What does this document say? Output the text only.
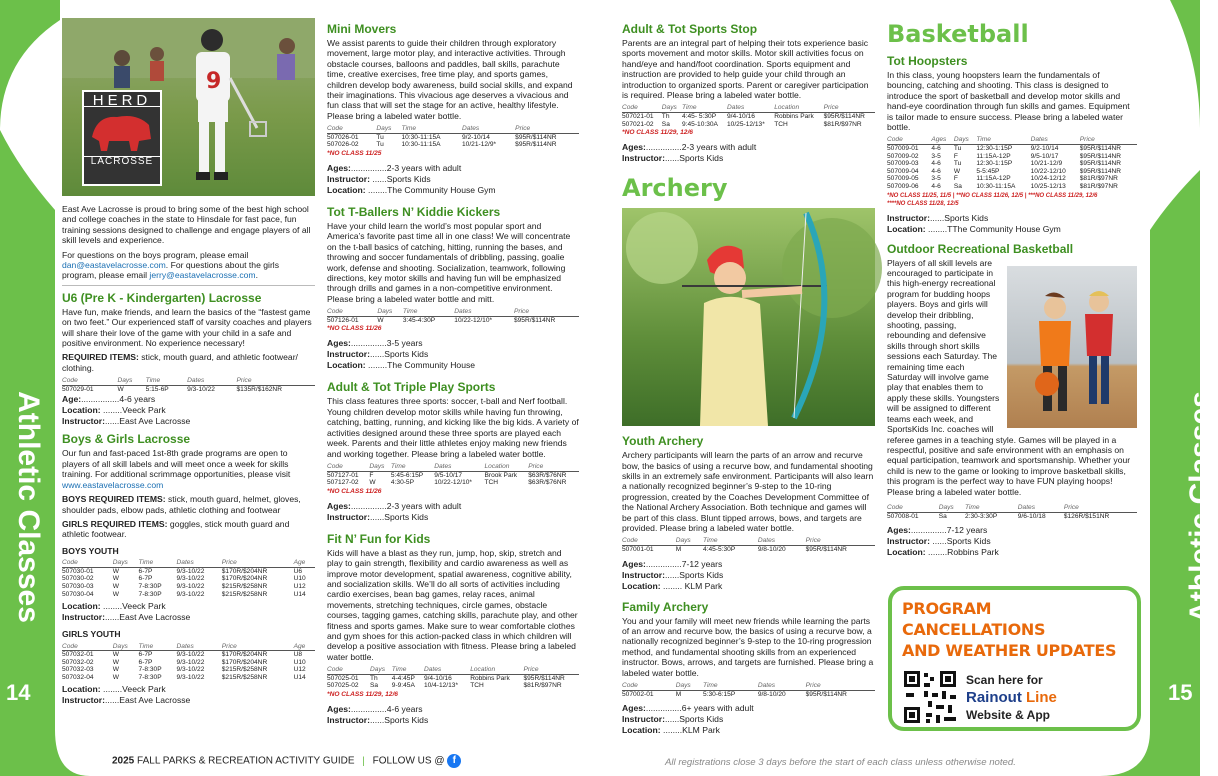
Athletic Classes	Athletic Classes
14	15
9
HERD
LACROSSE

East Ave Lacrosse is proud to bring some of the best high school and college coaches in the state to Hinsdale for fast pace, fun training sessions designed to challenge and engage players of all skill levels and experience.

For questions on the boys program, please email dan@eastavelacrosse.com. For questions about the girls program, please email jerry@eastavelacrosse.com.

U6 (Pre K - Kindergarten) Lacrosse

Have fun, make friends, and learn the basics of the “fastest game on two feet.” Our experienced staff of varsity coaches and players will share their love of the game with your child in a safe and positive environment. No experience necessary!

REQUIRED ITEMS: stick, mouth guard, and athletic footwear/ clothing.

Code	Days	Time	Dates	Price
507029-01	W	5:15-6P	9/3-10/22	$135R/$162NR
Age:................4-6 years
Location: ........Veeck Park
Instructor:......East Ave Lacrosse
Boys & Girls Lacrosse

Our fun and fast-paced 1st-8th grade programs are open to players of all skill labels and will meet once a week for skills training. For additional scrimmage opportunities, please visit www.eastavelacrosse.com

BOYS REQUIRED ITEMS: stick, mouth guard, helmet, gloves, shoulder pads, elbow pads, athletic clothing and footwear

GIRLS REQUIRED ITEMS: goggles, stick mouth guard and athletic footwear.

BOYS YOUTH
Code	Days	Time	Dates	Price	Age
507030-01	W	6-7P	9/3-10/22	$170R/$204NR	U6
507030-02	W	6-7P	9/3-10/22	$170R/$204NR	U10
507030-03	W	7-8:30P	9/3-10/22	$215R/$258NR	U12
507030-04	W	7-8:30P	9/3-10/22	$215R/$258NR	U14
Location: ........Veeck Park
Instructor:......East Ave Lacrosse
GIRLS YOUTH
Code	Days	Time	Dates	Price	Age
507032-01	W	6-7P	9/3-10/22	$170R/$204NR	U8
507032-02	W	6-7P	9/3-10/22	$170R/$204NR	U10
507032-03	W	7-8:30P	9/3-10/22	$215R/$258NR	U12
507032-04	W	7-8:30P	9/3-10/22	$215R/$258NR	U14
Location: ........Veeck Park
Instructor:......East Ave Lacrosse
Mini Movers

We assist parents to guide their children through exploratory movement, large motor play, and interactive activities. Through obstacle courses, balloons and paddles, ball skills, parachute time, creative exercises, free time play, and sports games, children develop body awareness, build social skills, and expand their imaginations. This vivacious age deserves a vivacious and fun class that will set the stage for an active, healthy lifestyle. Please bring a labeled water bottle.

Code	Days	Time	Dates	Price
507026-01	Tu	10:30-11:15A	9/2-10/14	$95R/$114NR
507026-02	Tu	10:30-11:15A	10/21-12/9*	$95R/$114NR
*NO CLASS 11/25
Ages:...............2-3 years with adult
Instructor: ......Sports Kids
Location: ........The Community House Gym
Tot T-Ballers N’ Kiddie Kickers

Have your child learn the world’s most popular sport and America’s favorite past time all in one class! We will concentrate on the t-ball basics of catching, hitting, running the bases, and throwing and soccer fundamentals of dribbling, passing, goalie work, defense and shooting. Socialization, teamwork, following directions, key motor skills and having fun will be emphasized through drills and games in a non-competitive environment. Please bring a labeled water bottle and mitt.

Code	Days	Time	Dates	Price
507126-01	W	3:45-4:30P	10/22-12/10*	$95R/$114NR
*NO CLASS 11/26
Ages:...............3-5 years
Instructor:......Sports Kids
Location: ........The Community House
Adult & Tot Triple Play Sports

This class features three sports: soccer, t-ball and Nerf football. Young children develop motor skills while having fun throwing, catching, batting, running, and kicking like the big kids. A variety of activities designed around these three sports are played each week. Parents and their little athletes enjoy making new friends and working together. Please bring a labeled water bottle.

Code	Days	Time	Dates	Location	Price
507127-01	F	5:45-6:15P	9/5-10/17	Brook Park	$63R/$76NR
507127-02	W	4:30-5P	10/22-12/10*	TCH	$63R/$76NR
*NO CLASS 11/26
Ages:...............2-3 years with adult
Instructor:......Sports Kids
Fit N’ Fun for Kids

Kids will have a blast as they run, jump, hop, skip, stretch and play to gain strength, flexibility and cardio awareness as well as improve motor development, spatial awareness, cognitive ability, and socialization skills. We’ll do all sorts of activities including cardio exercises, bean bag games, relay races, animal movements, stretching techniques, circle games, obstacle courses, tagging games, catching skills, parachute play, and other fitness and sports games. Make sure to wear comfortable clothes and gym shoes for this action-packed class in which children will develop a positive association with fitness. Please bring a labeled water bottle.

Code	Days	Time	Dates	Location	Price
507025-01	Th	4-4:45P	9/4-10/16	Robbins Park	$95R/$114NR
507025-02	Sa	9-9:45A	10/4-12/13*	TCH	$81R/$97NR
*NO CLASS 11/29, 12/6
Ages:...............4-6 years
Instructor:......Sports Kids
Adult & Tot Sports Stop

Parents are an integral part of helping their tots experience basic sports movement and motor skills. Motor skill activities focus on hand/eye and hand/foot coordination. Sports equipment and instruction are provided to help guide your child through an introduction to organized sports. Parent or caregiver participation is required. Please bring a labeled water bottle.

Code	Days	Time	Dates	Location	Price
507021-01	Th	4:45- 5:30P	9/4-10/16	Robbins Park	$95R/$114NR
507021-02	Sa	9:45-10:30A	10/25-12/13*	TCH	$81R/$97NR
*NO CLASS 11/29, 12/6
Ages:...............2-3 years with adult
Instructor:......Sports Kids
Archery
Youth Archery

Archery participants will learn the parts of an arrow and recurve bow, the basics of using a recurve bow, and fundamental shooting skills in an extremely safe environment. Participants will also learn a nationally recognized beginner’s 9-step to the 10-ring progression, created by the Coaches Development Committee of the National Archery Association. Both technique and games will be part of this class. Blunt tipped arrows, bows, and targets are provided. Please bring a labeled water bottle.

Code	Days	Time	Dates	Price
507001-01	M	4:45-5:30P	9/8-10/20	$95R/$114NR
Ages:...............7-12 years
Instructor:......Sports Kids
Location: ........ KLM Park
Family Archery

You and your family will meet new friends while learning the parts of an arrow and recurve bow, the basics of using a recurve bow, a nationally recognized beginner’s 9-step to the 10-ring progression method, and fundamental shooting skills from an experienced instructor. Bows, arrows, and targets are furnished. Please bring a labeled water bottle.

Code	Days	Time	Dates	Price
507002-01	M	5:30-6:15P	9/8-10/20	$95R/$114NR
Ages:...............6+ years with adult
Instructor:......Sports Kids
Location: ........KLM Park
Basketball
Tot Hoopsters

In this class, young hoopsters learn the fundamentals of bouncing, catching and shooting. This class is designed to introduce the sport of basketball and develop motor skills and hand-eye coordination through fun skills and games. Equipment is tailor made to ensure success. Please bring a labeled water bottle.

Code	Ages	Days	Time	Dates	Price
507009-01	4-6	Tu	12:30-1:15P	9/2-10/14	$95R/$114NR
507009-02	3-5	F	11:15A-12P	9/5-10/17	$95R/$114NR
507009-03	4-6	Tu	12:30-1:15P	10/21-12/9	$95R/$114NR
507009-04	4-6	W	5-5:45P	10/22-12/10	$95R/$114NR
507009-05	3-5	F	11:15A-12P	10/24-12/12	$81R/$97NR
507009-06	4-6	Sa	10:30-11:15A	10/25-12/13	$81R/$97NR
*NO CLASS 11/25, 11/5 | **NO CLASS 11/26, 12/5 | ***NO CLASS 11/29, 12/6
****NO CLASS 11/28, 12/5
Instructor:......Sports Kids
Location: ........TThe Community House Gym
Outdoor Recreational Basketball

Players of all skill levels are encouraged to participate in this high-energy recreational program for budding hoops players. Boys and girls will develop their dribbling, shooting, passing, rebounding and defensive skills through short skills sessions each Saturday. The remaining time each Saturday will involve game play that enables them to apply these skills. Youngsters will be assigned to different teams each week, and SportsKids Inc. coaches will referee games in a teaching style. Games will be played in a respectful, positive and safe environment with an emphasis on equal participation, teamwork and sportsmanship. Whether your child is new to the game or looking to improve basketball skills, this program is the perfect way to have FUN playing hoops! Please bring a labeled water bottle.

Code	Days	Time	Dates	Price
507008-01	Sa	2:30-3:30P	9/6-10/18	$126R/$151NR
Ages:...............7-12 years
Instructor: ......Sports Kids
Location: ........Robbins Park
PROGRAM CANCELLATIONS
AND WEATHER UPDATES
Scan here for
Rainout Line
Website & App
2025 FALL PARKS & RECREATION ACTIVITY GUIDE | FOLLOW US @ f	All registrations close 3 days before the start of each class unless otherwise noted.
